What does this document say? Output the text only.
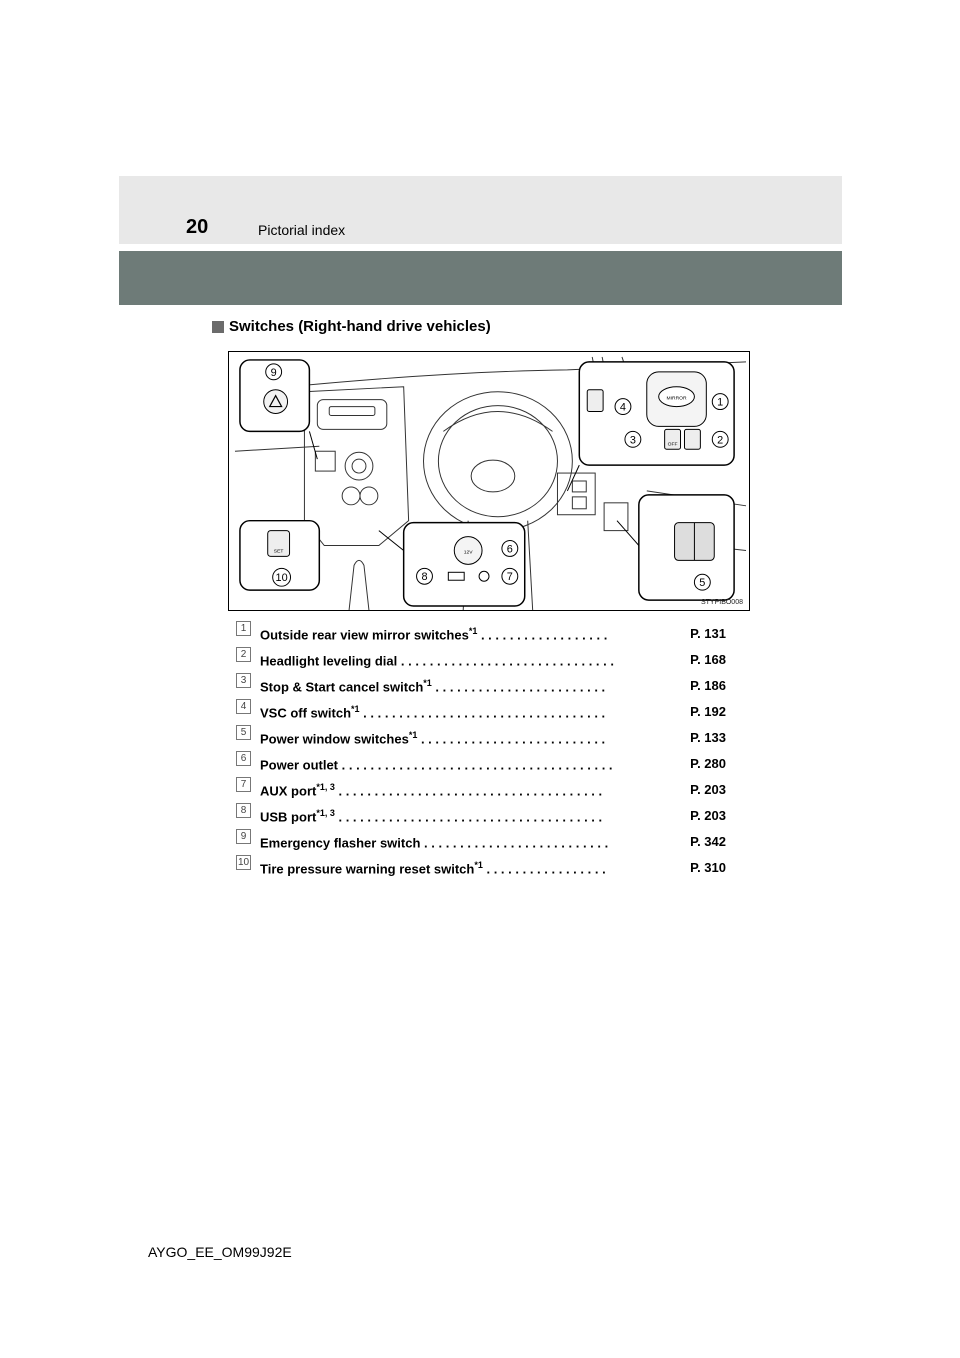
20	Pictorial index
Switches (Right-hand drive vehicles)
MIRROR
OFF
12V
SET
1
2
3
4
5
6
7
8
9
10
STYPIBO008
1	Outside rear view mirror switches$^{*1}$ . . . . . . . . . . . . . . . . . .	P. 131
2	Headlight leveling dial . . . . . . . . . . . . . . . . . . . . . . . . . . . . . .	P. 168
3	Stop & Start cancel switch$^{*1}$ . . . . . . . . . . . . . . . . . . . . . . . .	P. 186
4	VSC off switch$^{*1}$ . . . . . . . . . . . . . . . . . . . . . . . . . . . . . . . . . .	P. 192
5	Power window switches$^{*1}$ . . . . . . . . . . . . . . . . . . . . . . . . . .	P. 133
6	Power outlet . . . . . . . . . . . . . . . . . . . . . . . . . . . . . . . . . . . . . .	P. 280
7	AUX port$^{*1, 3}$ . . . . . . . . . . . . . . . . . . . . . . . . . . . . . . . . . . . . .	P. 203
8	USB port$^{*1, 3}$ . . . . . . . . . . . . . . . . . . . . . . . . . . . . . . . . . . . . .	P. 203
9	Emergency flasher switch . . . . . . . . . . . . . . . . . . . . . . . . . .	P. 342
10 Tire pressure warning reset switch$^{*1}$ . . . . . . . . . . . . . . . . .	P. 310
AYGO_EE_OM99J92E
